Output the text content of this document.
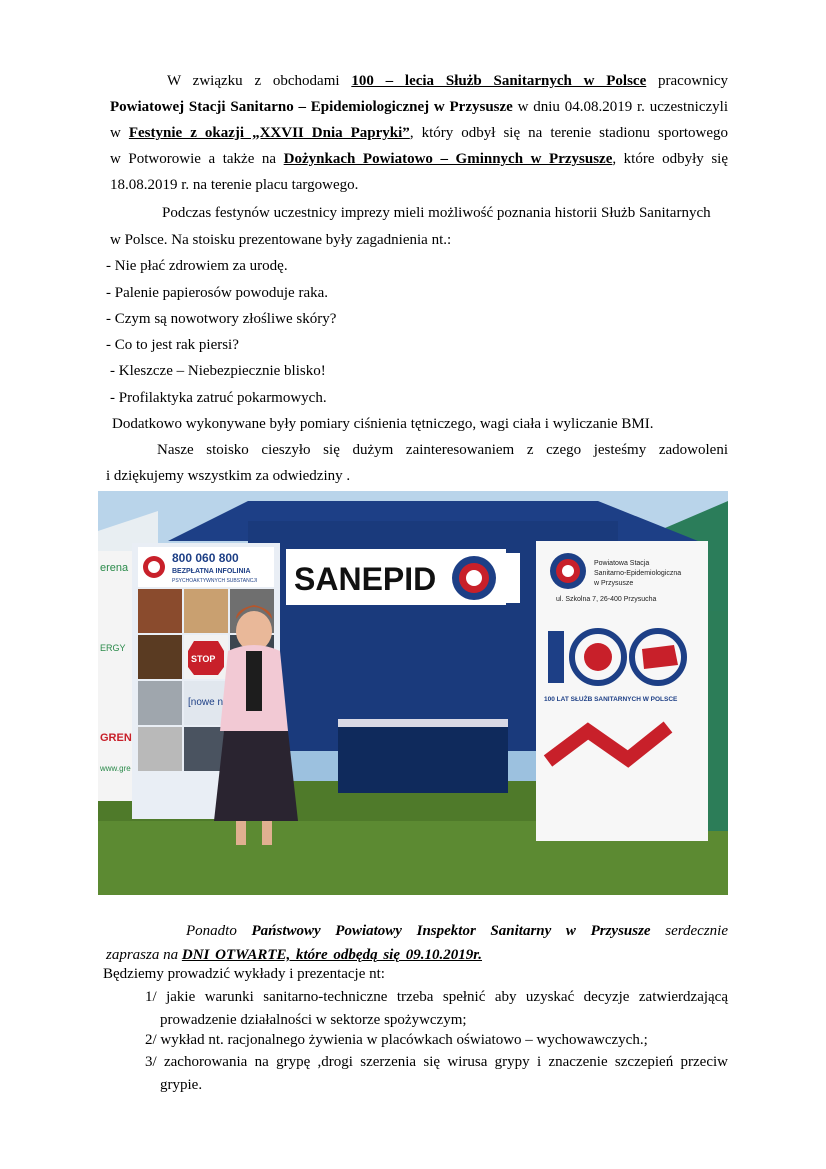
W związku z obchodami 100 – lecia Służb Sanitarnych w Polsce pracownicy
Powiatowej Stacji Sanitarno – Epidemiologicznej w Przysusze w dniu 04.08.2019 r. uczestniczyli
w Festynie z okazji „XXVII Dnia Papryki”, który odbył się na terenie stadionu sportowego
w Potworowie a także na Dożynkach Powiatowo – Gminnych w Przysusze, które odbyły się
18.08.2019 r. na terenie placu targowego.
Podczas festynów uczestnicy imprezy mieli możliwość poznania historii Służb Sanitarnych
w Polsce. Na stoisku prezentowane były zagadnienia nt.:
- Nie płać zdrowiem za urodę.
- Palenie papierosów powoduje raka.
- Czym są nowotwory złośliwe skóry?
- Co to jest rak piersi?
- Kleszcze – Niebezpiecznie blisko!
- Profilaktyka zatruć pokarmowych.
Dodatkowo wykonywane były pomiary ciśnienia tętniczego, wagi ciała i wyliczanie BMI.
Nasze stoisko cieszyło się dużym zainteresowaniem z czego jesteśmy zadowoleni
i dziękujemy wszystkim za odwiedziny .
erena
ERGY
GREN
www.gre
800 060 800
BEZPŁATNA INFOLINIA
PSYCHOAKTYWNYCH SUBSTANCJI
STOP
[nowe n
SANEPID	Powiatowa Stacja
Sanitarno-Epidemiologiczna
w Przysusze
ul. Szkolna 7, 26-400 Przysucha
100 LAT SŁUŻB SANITARNYCH W POLSCE
Ponadto Państwowy Powiatowy Inspektor Sanitarny w Przysusze serdecznie
zaprasza na DNI OTWARTE, które odbędą się 09.10.2019r.
Będziemy prowadzić wykłady i prezentacje nt:
1/ jakie warunki sanitarno-techniczne trzeba spełnić aby uzyskać decyzje zatwierdzającą
prowadzenie działalności w sektorze spożywczym;
2/ wykład nt. racjonalnego żywienia w placówkach oświatowo – wychowawczych.;
3/ zachorowania na grypę ,drogi szerzenia się wirusa grypy i znaczenie szczepień przeciw
grypie.
